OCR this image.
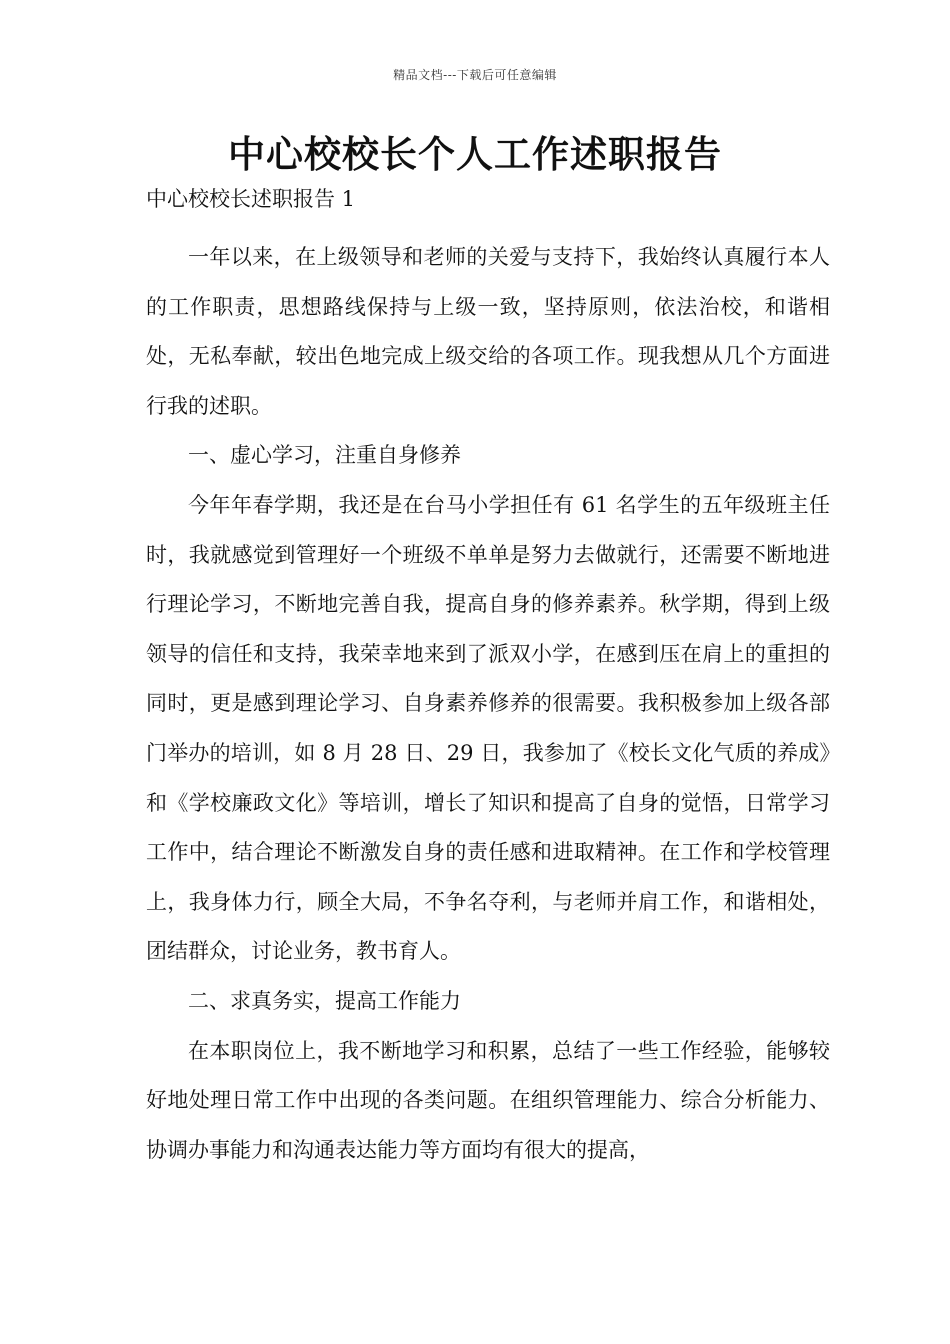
精品文档---下载后可任意编辑
中心校校长个人工作述职报告
中心校校长述职报告 1

一年以来，在上级领导和老师的关爱与支持下，我始终认真履行本人的工作职责，思想路线保持与上级一致，坚持原则，依法治校，和谐相处，无私奉献，较出色地完成上级交给的各项工作。现我想从几个方面进行我的述职。

一、虚心学习，注重自身修养

今年年春学期，我还是在台马小学担任有 61 名学生的五年级班主任时，我就感觉到管理好一个班级不单单是努力去做就行，还需要不断地进行理论学习，不断地完善自我，提高自身的修养素养。秋学期，得到上级领导的信任和支持，我荣幸地来到了派双小学，在感到压在肩上的重担的同时，更是感到理论学习、自身素养修养的很需要。我积极参加上级各部门举办的培训，如 8 月 28 日、29 日，我参加了《校长文化气质的养成》和《学校廉政文化》等培训，增长了知识和提高了自身的觉悟，日常学习工作中，结合理论不断激发自身的责任感和进取精神。在工作和学校管理上，我身体力行，顾全大局，不争名夺利，与老师并肩工作，和谐相处，团结群众，讨论业务，教书育人。

二、求真务实，提高工作能力

在本职岗位上，我不断地学习和积累，总结了一些工作经验，能够较好地处理日常工作中出现的各类问题。在组织管理能力、综合分析能力、协调办事能力和沟通表达能力等方面均有很大的提高，
